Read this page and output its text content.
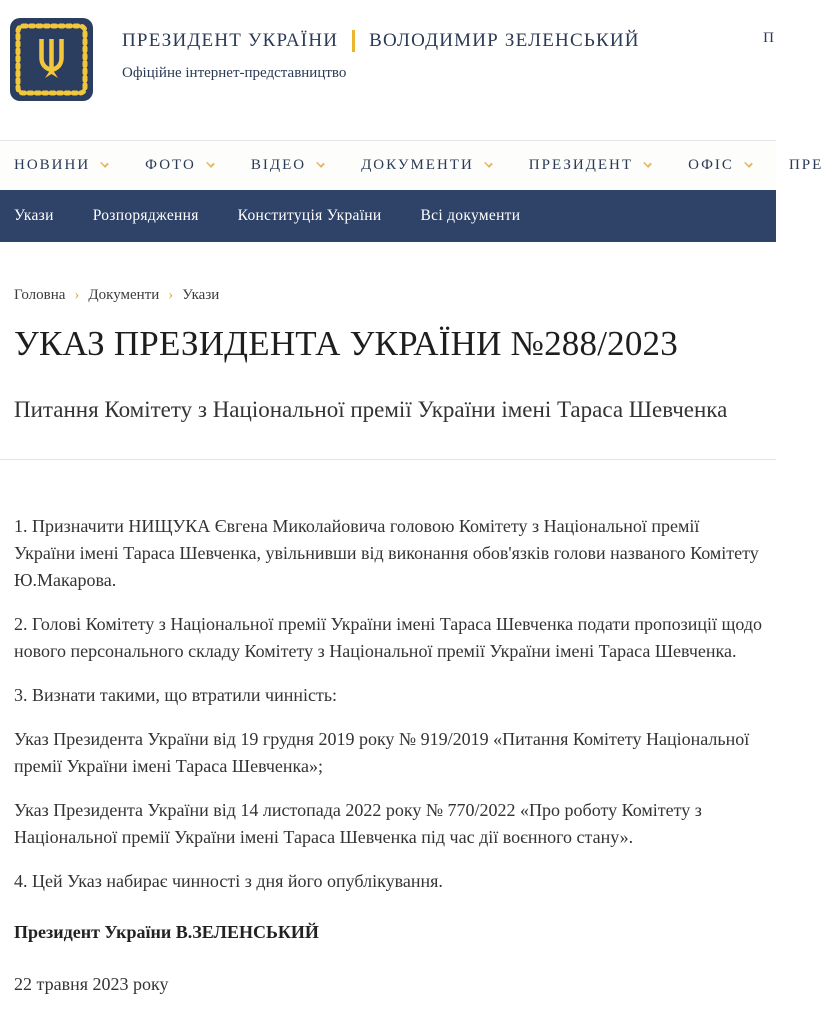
ПРЕЗИДЕНТ УКРАЇНИ ВОЛОДИМИР ЗЕЛЕНСЬКИЙ
Офіційне інтернет-представництво
П
НОВИНИ	ФОТО	ВІДЕО	ДОКУМЕНТИ	ПРЕЗИДЕНТ	ОФІС	ПРЕ
Укази	Розпорядження	Конституція України	Всі документи
Головна › Документи › Укази
УКАЗ ПРЕЗИДЕНТА УКРАЇНИ №288/2023
Питання Комітету з Національної премії України імені Тараса Шевченка

1. Призначити НИЩУКА Євгена Миколайовича головою Комітету з Національної премії України імені Тараса Шевченка, увільнивши від виконання обов'язків голови названого Комітету Ю.Макарова.

2. Голові Комітету з Національної премії України імені Тараса Шевченка подати пропозиції щодо нового персонального складу Комітету з Національної премії України імені Тараса Шевченка.

3. Визнати такими, що втратили чинність:

Указ Президента України від 19 грудня 2019 року № 919/2019 «Питання Комітету Національної премії України імені Тараса Шевченка»;

Указ Президента України від 14 листопада 2022 року № 770/2022 «Про роботу Комітету з Національної премії України імені Тараса Шевченка під час дії воєнного стану».

4. Цей Указ набирає чинності з дня його опублікування.

Президент України В.ЗЕЛЕНСЬКИЙ

22 травня 2023 року
